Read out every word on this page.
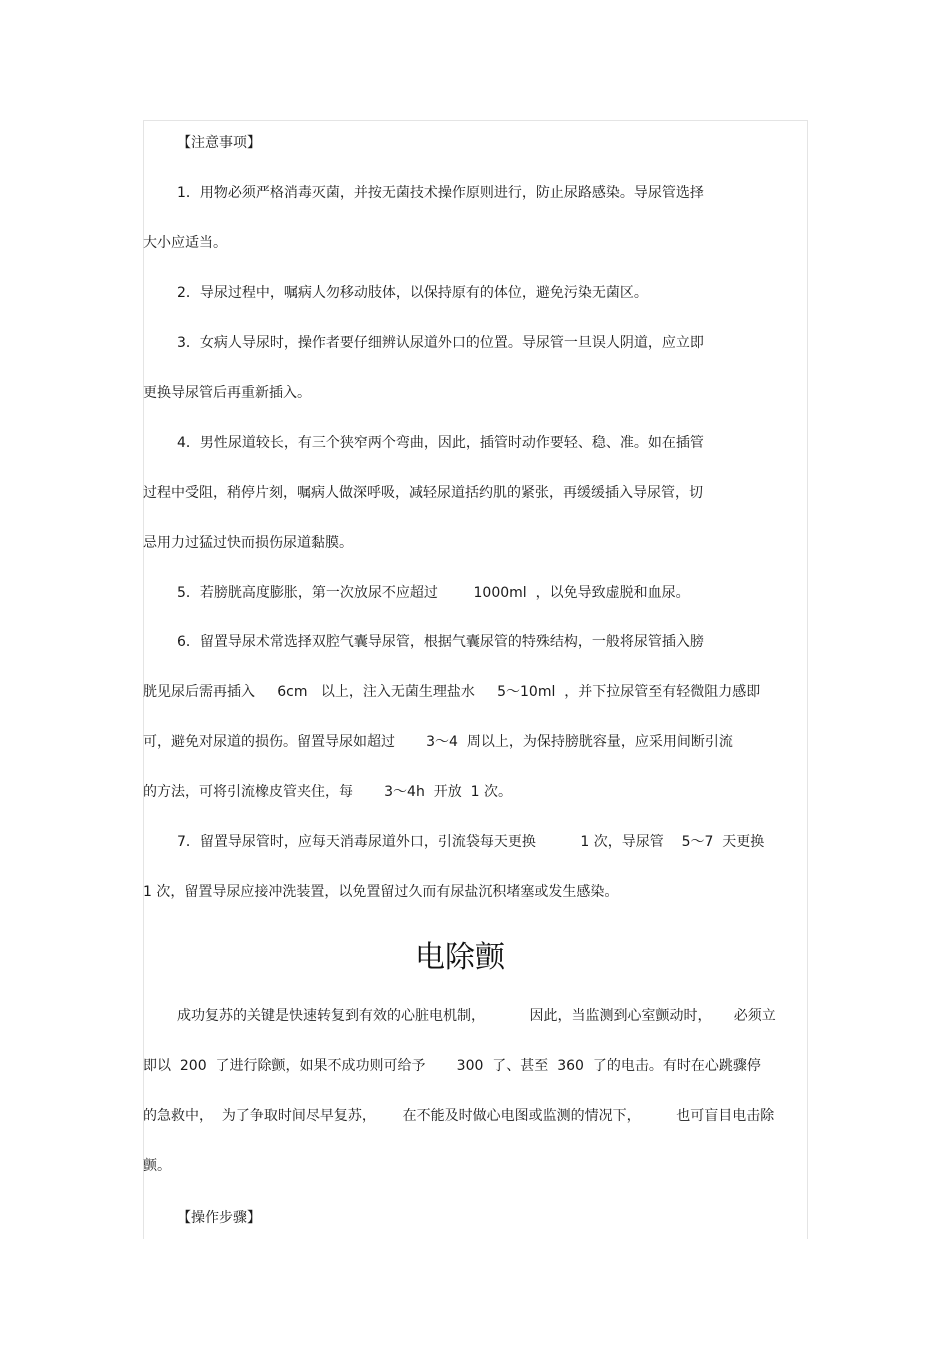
【注意事项】
1．用物必须严格消毒灭菌，并按无菌技术操作原则进行，防止尿路感染。导尿管选择
大小应适当。
2．导尿过程中，嘱病人勿移动肢体，以保持原有的体位，避免污染无菌区。
3．女病人导尿时，操作者要仔细辨认尿道外口的位置。导尿管一旦误人阴道，应立即
更换导尿管后再重新插入。
4．男性尿道较长，有三个狭窄两个弯曲，因此，插管时动作要轻、稳、准。如在插管
过程中受阻，稍停片刻，嘱病人做深呼吸，减轻尿道括约肌的紧张，再缓缓插入导尿管，切
忌用力过猛过快而损伤尿道黏膜。
5．若膀胱高度膨胀，第一次放尿不应超过        1000ml  ，以免导致虚脱和血尿。
6．留置导尿术常选择双腔气囊导尿管，根据气囊尿管的特殊结构，一般将尿管插入膀
胱见尿后需再插入     6cm   以上，注入无菌生理盐水     5～10ml  ，并下拉尿管至有轻微阻力感即
可，避免对尿道的损伤。留置导尿如超过       3～4  周以上，为保持膀胱容量，应采用间断引流
的方法，可将引流橡皮管夹住，每       3～4h  开放  1 次。
7．留置导尿管时，应每天消毒尿道外口，引流袋每天更换          1 次，导尿管    5～7  天更换
1 次，留置导尿应接冲洗装置，以免置留过久而有尿盐沉积堵塞或发生感染。
电除颤
成功复苏的关键是快速转复到有效的心脏电机制，          因此，当监测到心室颤动时，     必须立
即以  200  了进行除颤，如果不成功则可给予       300  了、甚至  360  了的电击。有时在心跳骤停
的急救中，  为了争取时间尽早复苏，      在不能及时做心电图或监测的情况下，        也可盲目电击除
颤。
【操作步骤】
